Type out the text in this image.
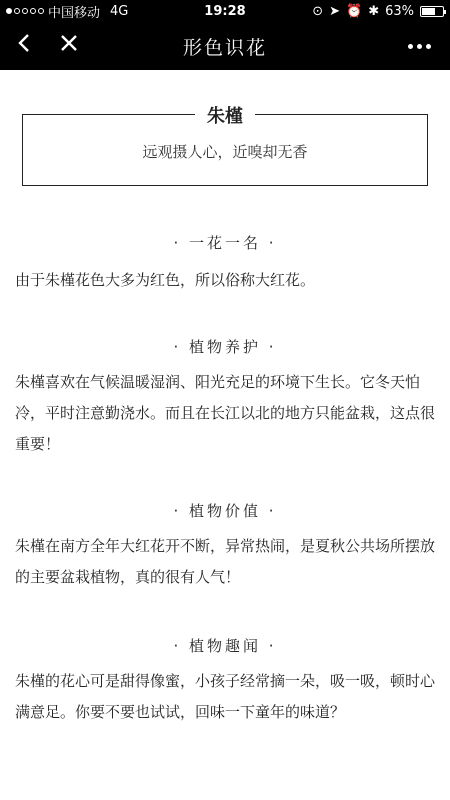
中国移动 4G	19:28	⊙ ➤ ⏰ ✱ 63%
形色识花
朱槿
远观摄人心，近嗅却无香
· 一花一名 ·
由于朱槿花色大多为红色，所以俗称大红花。
· 植物养护 ·
朱槿喜欢在气候温暖湿润、阳光充足的环境下生长。它冬天怕冷，平时注意勤浇水。而且在长江以北的地方只能盆栽，这点很重要！
· 植物价值 ·
朱槿在南方全年大红花开不断，异常热闹，是夏秋公共场所摆放的主要盆栽植物，真的很有人气！
· 植物趣闻 ·
朱槿的花心可是甜得像蜜，小孩子经常摘一朵，吸一吸，顿时心满意足。你要不要也试试，回味一下童年的味道？
